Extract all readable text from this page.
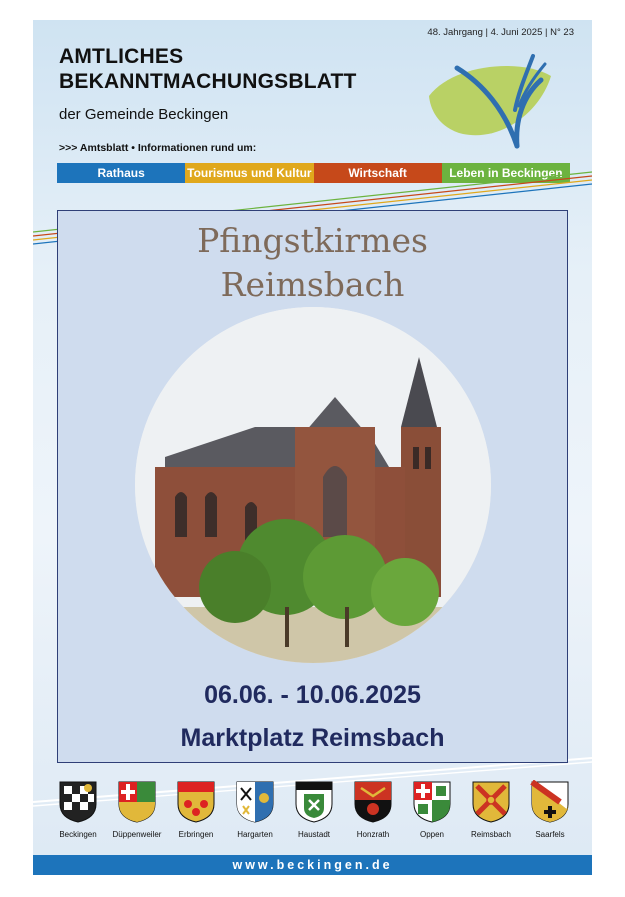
48. Jahrgang | 4. Juni 2025 | N° 23
AMTLICHES
BEKANNTMACHUNGSBLATT
der Gemeinde Beckingen
>>> Amtsblatt • Informationen rund um:
Rathaus	Tourismus und Kultur	Wirtschaft	Leben in Beckingen
Pfingstkirmes
Reimsbach
06.06. - 10.06.2025
Marktplatz Reimsbach
Beckingen Düppenweiler Erbringen	Hargarten	Haustadt	Honzrath	Oppen	Reimsbach	Saarfels
www.beckingen.de
